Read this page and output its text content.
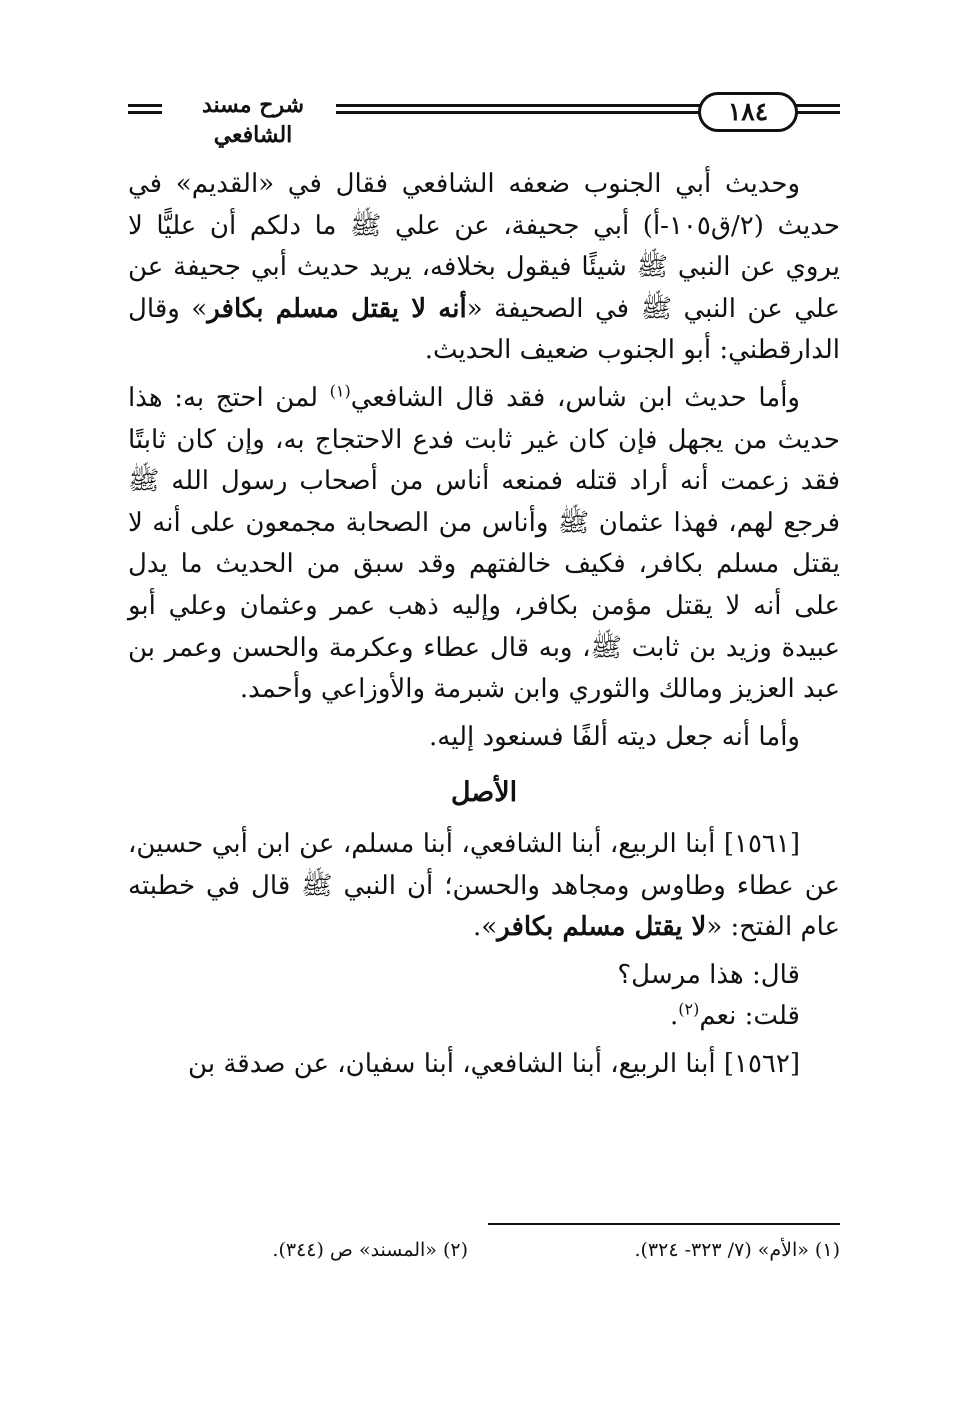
١٨٤
شرح مسند الشافعي

وحديث أبي الجنوب ضعفه الشافعي فقال في «القديم» في حديث (٢/ق١٠٥-أ) أبي جحيفة، عن علي ﷺ ما دلكم أن عليًّا لا يروي عن النبي ﷺ شيئًا فيقول بخلافه، يريد حديث أبي جحيفة عن علي عن النبي ﷺ في الصحيفة «أنه لا يقتل مسلم بكافر» وقال الدارقطني: أبو الجنوب ضعيف الحديث.

وأما حديث ابن شاس، فقد قال الشافعي$^{(١)}$ لمن احتج به: هذا حديث من يجهل فإن كان غير ثابت فدع الاحتجاج به، وإن كان ثابتًا فقد زعمت أنه أراد قتله فمنعه أناس من أصحاب رسول الله ﷺ فرجع لهم، فهذا عثمان ﷺ وأناس من الصحابة مجمعون على أنه لا يقتل مسلم بكافر، فكيف خالفتهم وقد سبق من الحديث ما يدل على أنه لا يقتل مؤمن بكافر، وإليه ذهب عمر وعثمان وعلي أبو عبيدة وزيد بن ثابت ﷺ، وبه قال عطاء وعكرمة والحسن وعمر بن عبد العزيز ومالك والثوري وابن شبرمة والأوزاعي وأحمد.

وأما أنه جعل ديته ألفًا فسنعود إليه.

الأصل

[١٥٦١] أبنا الربيع، أبنا الشافعي، أبنا مسلم، عن ابن أبي حسين، عن عطاء وطاوس ومجاهد والحسن؛ أن النبي ﷺ قال في خطبته عام الفتح: «لا يقتل مسلم بكافر».

قال: هذا مرسل؟

قلت: نعم$^{(٢)}$.

[١٥٦٢] أبنا الربيع، أبنا الشافعي، أبنا سفيان، عن صدقة بن

(١) «الأم» (٧/ ٣٢٣- ٣٢٤).
(٢) «المسند» ص (٣٤٤).
